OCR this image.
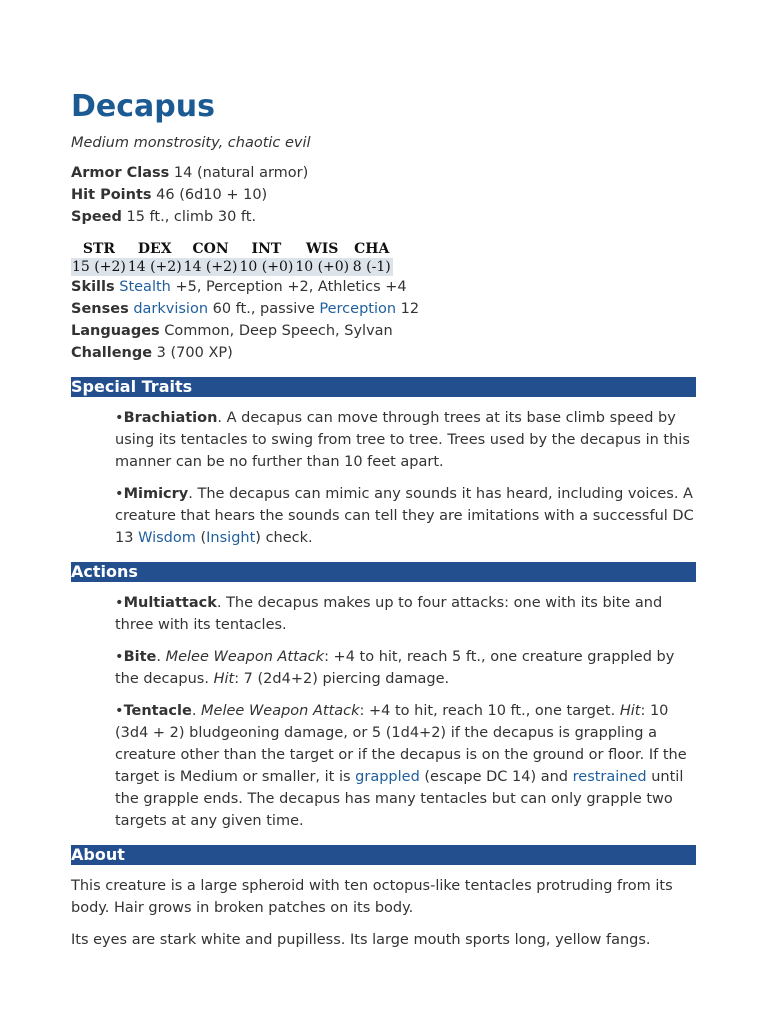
Decapus
Medium monstrosity, chaotic evil
Armor Class 14 (natural armor)
Hit Points 46 (6d10 + 10)
Speed 15 ft., climb 30 ft.
STR	DEX	CON	INT	WIS	CHA
15 (+2)	14 (+2)	14 (+2)	10 (+0)	10 (+0)	8 (-1)
Skills Stealth +5, Perception +2, Athletics +4
Senses darkvision 60 ft., passive Perception 12
Languages Common, Deep Speech, Sylvan
Challenge 3 (700 XP)
Special Traits
•Brachiation. A decapus can move through trees at its base climb speed by using its tentacles to swing from tree to tree. Trees used by the decapus in this manner can be no further than 10 feet apart.
•Mimicry. The decapus can mimic any sounds it has heard, including voices. A creature that hears the sounds can tell they are imitations with a successful DC 13 Wisdom (Insight) check.
Actions
•Multiattack. The decapus makes up to four attacks: one with its bite and three with its tentacles.
•Bite. Melee Weapon Attack: +4 to hit, reach 5 ft., one creature grappled by the decapus. Hit: 7 (2d4+2) piercing damage.
•Tentacle. Melee Weapon Attack: +4 to hit, reach 10 ft., one target. Hit: 10 (3d4 + 2) bludgeoning damage, or 5 (1d4+2) if the decapus is grappling a creature other than the target or if the decapus is on the ground or floor. If the target is Medium or smaller, it is grappled (escape DC 14) and restrained until the grapple ends. The decapus has many tentacles but can only grapple two targets at any given time.
About

This creature is a large spheroid with ten octopus-like tentacles protruding from its body. Hair grows in broken patches on its body.

Its eyes are stark white and pupilless. Its large mouth sports long, yellow fangs.
